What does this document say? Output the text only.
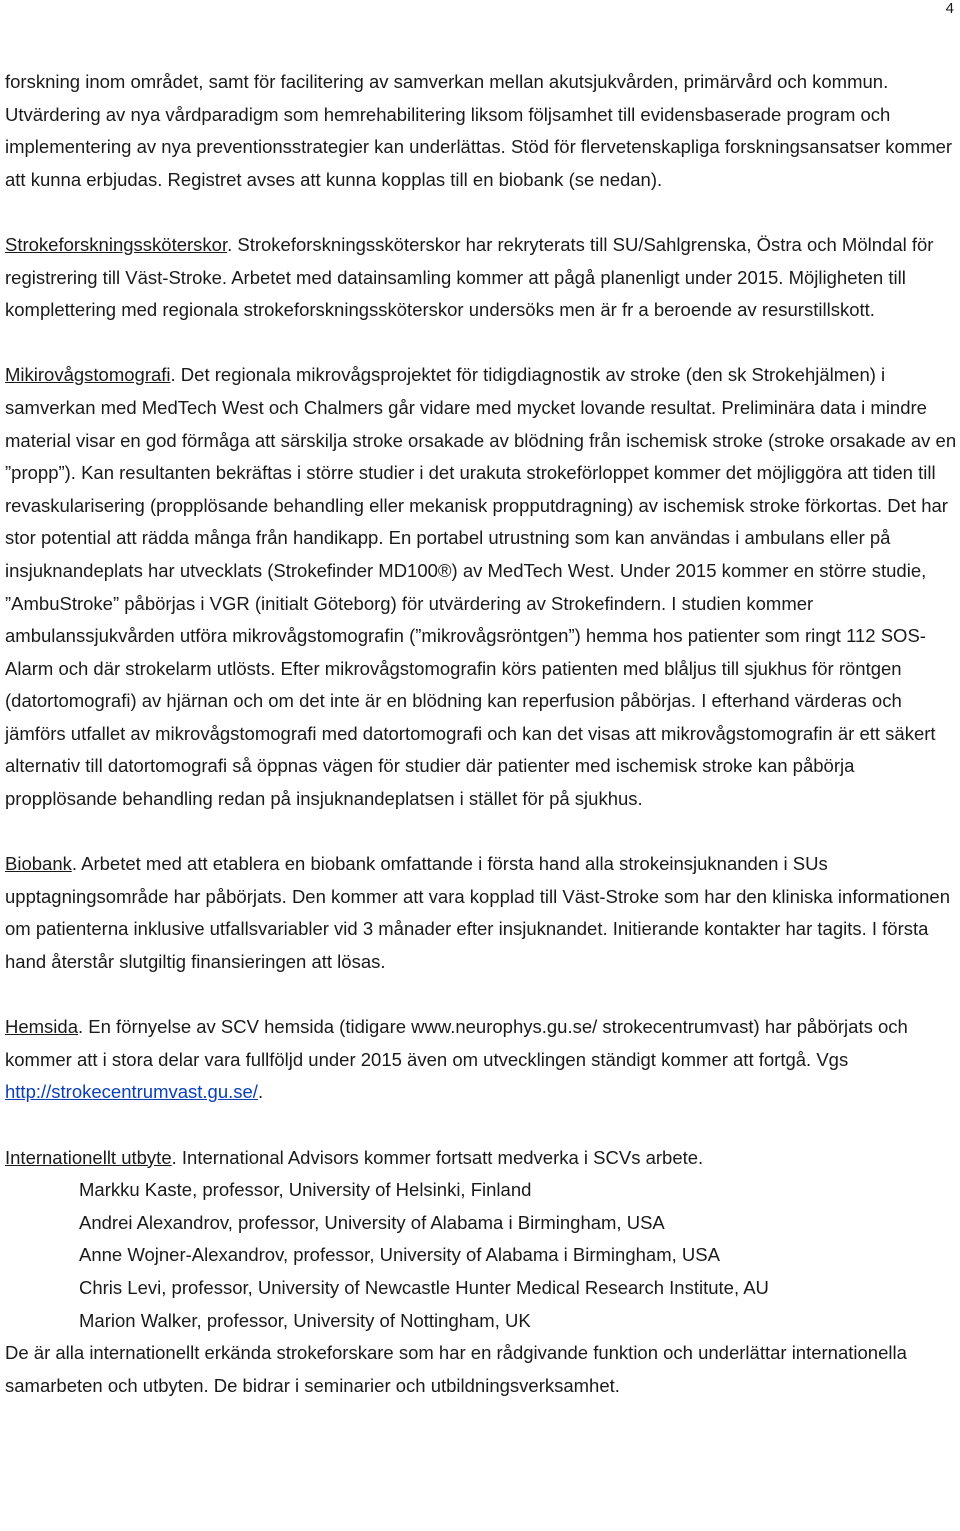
4

forskning inom området, samt för facilitering av samverkan mellan akutsjukvården, primärvård och kommun. Utvärdering av nya vårdparadigm som hemrehabilitering liksom följsamhet till evidensbaserade program och implementering av nya preventionsstrategier kan underlättas. Stöd för flervetenskapliga forskningsansatser kommer att kunna erbjudas. Registret avses att kunna kopplas till en biobank (se nedan).

Strokeforskningssköterskor. Strokeforskningssköterskor har rekryterats till SU/Sahlgrenska, Östra och Mölndal för registrering till Väst-Stroke. Arbetet med datainsamling kommer att pågå planenligt under 2015. Möjligheten till komplettering med regionala strokeforskningssköterskor undersöks men är fr a beroende av resurstillskott.

Mikirovågstomografi. Det regionala mikrovågsprojektet för tidigdiagnostik av stroke (den sk Strokehjälmen) i samverkan med MedTech West och Chalmers går vidare med mycket lovande resultat. Preliminära data i mindre material visar en god förmåga att särskilja stroke orsakade av blödning från ischemisk stroke (stroke orsakade av en ”propp”). Kan resultanten bekräftas i större studier i det urakuta strokeförloppet kommer det möjliggöra att tiden till revaskularisering (propplösande behandling eller mekanisk propputdragning) av ischemisk stroke förkortas. Det har stor potential att rädda många från handikapp. En portabel utrustning som kan användas i ambulans eller på insjuknandeplats har utvecklats (Strokefinder MD100®) av MedTech West. Under 2015 kommer en större studie, ”AmbuStroke” påbörjas i VGR (initialt Göteborg) för utvärdering av Strokefindern. I studien kommer ambulanssjukvården utföra mikrovågstomografin (”mikrovågsröntgen”) hemma hos patienter som ringt 112 SOS-Alarm och där strokelarm utlösts. Efter mikrovågstomografin körs patienten med blåljus till sjukhus för röntgen (datortomografi) av hjärnan och om det inte är en blödning kan reperfusion påbörjas. I efterhand värderas och jämförs utfallet av mikrovågstomografi med datortomografi och kan det visas att mikrovågstomografin är ett säkert alternativ till datortomografi så öppnas vägen för studier där patienter med ischemisk stroke kan påbörja propplösande behandling redan på insjuknandeplatsen i stället för på sjukhus.

Biobank. Arbetet med att etablera en biobank omfattande i första hand alla strokeinsjuknanden i SUs upptagningsområde har påbörjats. Den kommer att vara kopplad till Väst-Stroke som har den kliniska informationen om patienterna inklusive utfallsvariabler vid 3 månader efter insjuknandet. Initierande kontakter har tagits. I första hand återstår slutgiltig finansieringen att lösas.

Hemsida. En förnyelse av SCV hemsida (tidigare www.neurophys.gu.se/ strokecentrumvast) har påbörjats och kommer att i stora delar vara fullföljd under 2015 även om utvecklingen ständigt kommer att fortgå. Vgs http://strokecentrumvast.gu.se/.

Internationellt utbyte. International Advisors kommer fortsatt medverka i SCVs arbete.

Markku Kaste, professor, University of Helsinki, Finland
Andrei Alexandrov, professor, University of Alabama i Birmingham, USA
Anne Wojner-Alexandrov, professor, University of Alabama i Birmingham, USA
Chris Levi, professor, University of Newcastle Hunter Medical Research Institute, AU
Marion Walker, professor, University of Nottingham, UK

De är alla internationellt erkända strokeforskare som har en rådgivande funktion och underlättar internationella samarbeten och utbyten. De bidrar i seminarier och utbildningsverksamhet.
